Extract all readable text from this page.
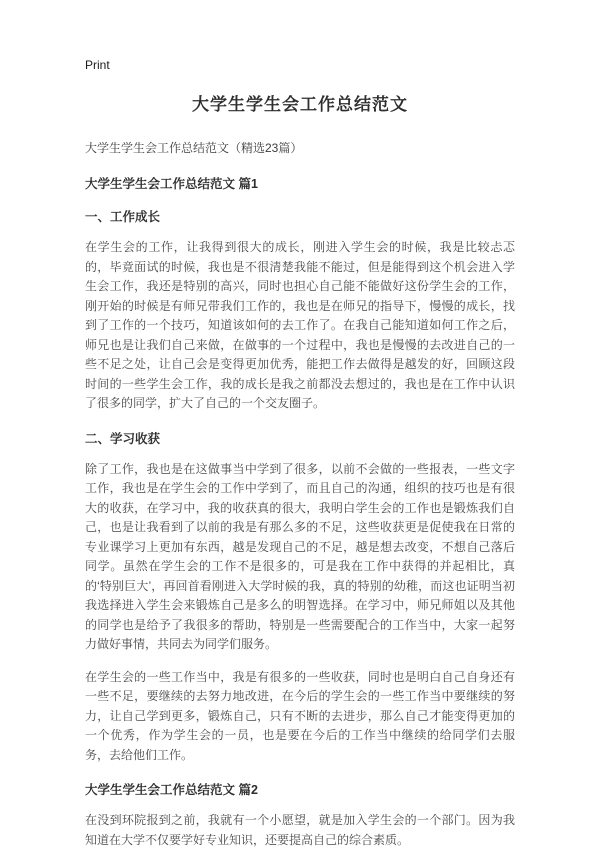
Print
大学生学生会工作总结范文
大学生学生会工作总结范文（精选23篇）
大学生学生会工作总结范文 篇1
一、工作成长

在学生会的工作，让我得到很大的成长，刚进入学生会的时候，我是比较忐忑的，毕竟面试的时候，我也是不很清楚我能不能过，但是能得到这个机会进入学生会工作，我还是特别的高兴，同时也担心自己能不能做好这份学生会的工作，刚开始的时候是有师兄带我们工作的，我也是在师兄的指导下，慢慢的成长，找到了工作的一个技巧，知道该如何的去工作了。在我自己能知道如何工作之后，师兄也是让我们自己来做，在做事的一个过程中，我也是慢慢的去改进自己的一些不足之处，让自己会是变得更加优秀，能把工作去做得是越发的好，回顾这段时间的一些学生会工作，我的成长是我之前都没去想过的，我也是在工作中认识了很多的同学，扩大了自己的一个交友圈子。

二、学习收获

除了工作，我也是在这做事当中学到了很多，以前不会做的一些报表，一些文字工作，我也是在学生会的工作中学到了，而且自己的沟通，组织的技巧也是有很大的收获，在学习中，我的收获真的很大，我明白学生会的工作也是锻炼我们自己，也是让我看到了以前的我是有那么多的不足，这些收获更是促使我在日常的专业课学习上更加有东西，越是发现自己的不足，越是想去改变，不想自己落后同学。虽然在学生会的工作不是很多的，可是我在工作中获得的并起相比，真的‘特别巨大’，再回首看刚进入大学时候的我，真的特别的幼稚，而这也证明当初我选择进入学生会来锻炼自己是多么的明智选择。在学习中，师兄师姐以及其他的同学也是给予了我很多的帮助，特别是一些需要配合的工作当中，大家一起努力做好事情，共同去为同学们服务。

在学生会的一些工作当中，我是有很多的一些收获，同时也是明白自己自身还有一些不足，要继续的去努力地改进，在今后的学生会的一些工作当中要继续的努力，让自己学到更多，锻炼自己，只有不断的去进步，那么自己才能变得更加的一个优秀，作为学生会的一员，也是要在今后的工作当中继续的给同学们去服务，去给他们工作。

大学生学生会工作总结范文 篇2

在没到环院报到之前，我就有一个小愿望，就是加入学生会的一个部门。因为我知道在大学不仅要学好专业知识，还要提高自己的综合素质。
